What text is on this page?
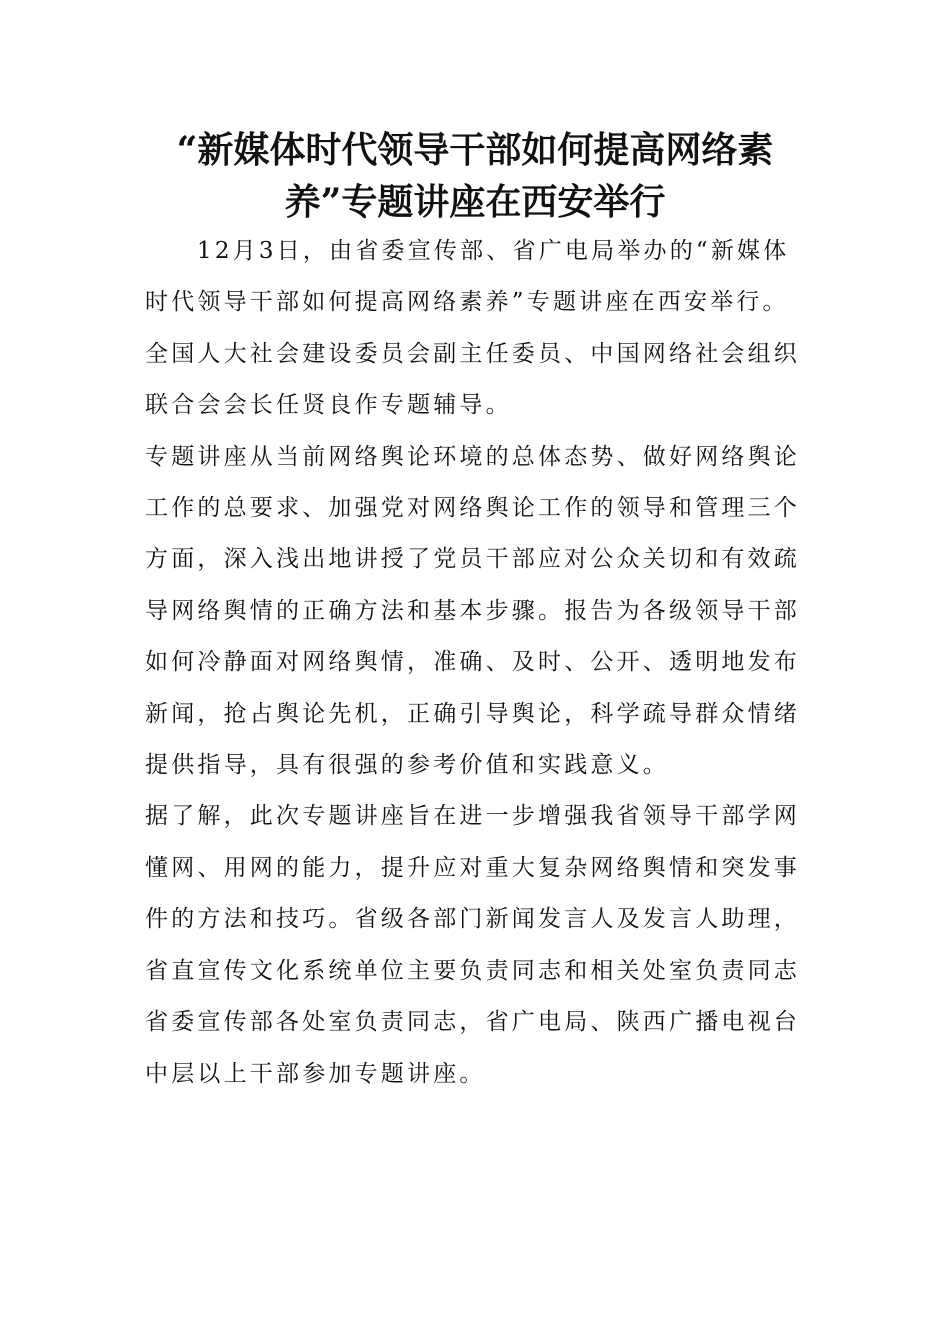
“新媒体时代领导干部如何提高网络素养”专题讲座在西安举行

12月3日，由省委宣传部、省广电局举办的“新媒体时代领导干部如何提高网络素养”专题讲座在西安举行。全国人大社会建设委员会副主任委员、中国网络社会组织联合会会长任贤良作专题辅导。

专题讲座从当前网络舆论环境的总体态势、做好网络舆论工作的总要求、加强党对网络舆论工作的领导和管理三个方面，深入浅出地讲授了党员干部应对公众关切和有效疏导网络舆情的正确方法和基本步骤。报告为各级领导干部如何冷静面对网络舆情，准确、及时、公开、透明地发布新闻，抢占舆论先机，正确引导舆论，科学疏导群众情绪提供指导，具有很强的参考价值和实践意义。

据了解，此次专题讲座旨在进一步增强我省领导干部学网懂网、用网的能力，提升应对重大复杂网络舆情和突发事件的方法和技巧。省级各部门新闻发言人及发言人助理，省直宣传文化系统单位主要负责同志和相关处室负责同志省委宣传部各处室负责同志，省广电局、陕西广播电视台中层以上干部参加专题讲座。
